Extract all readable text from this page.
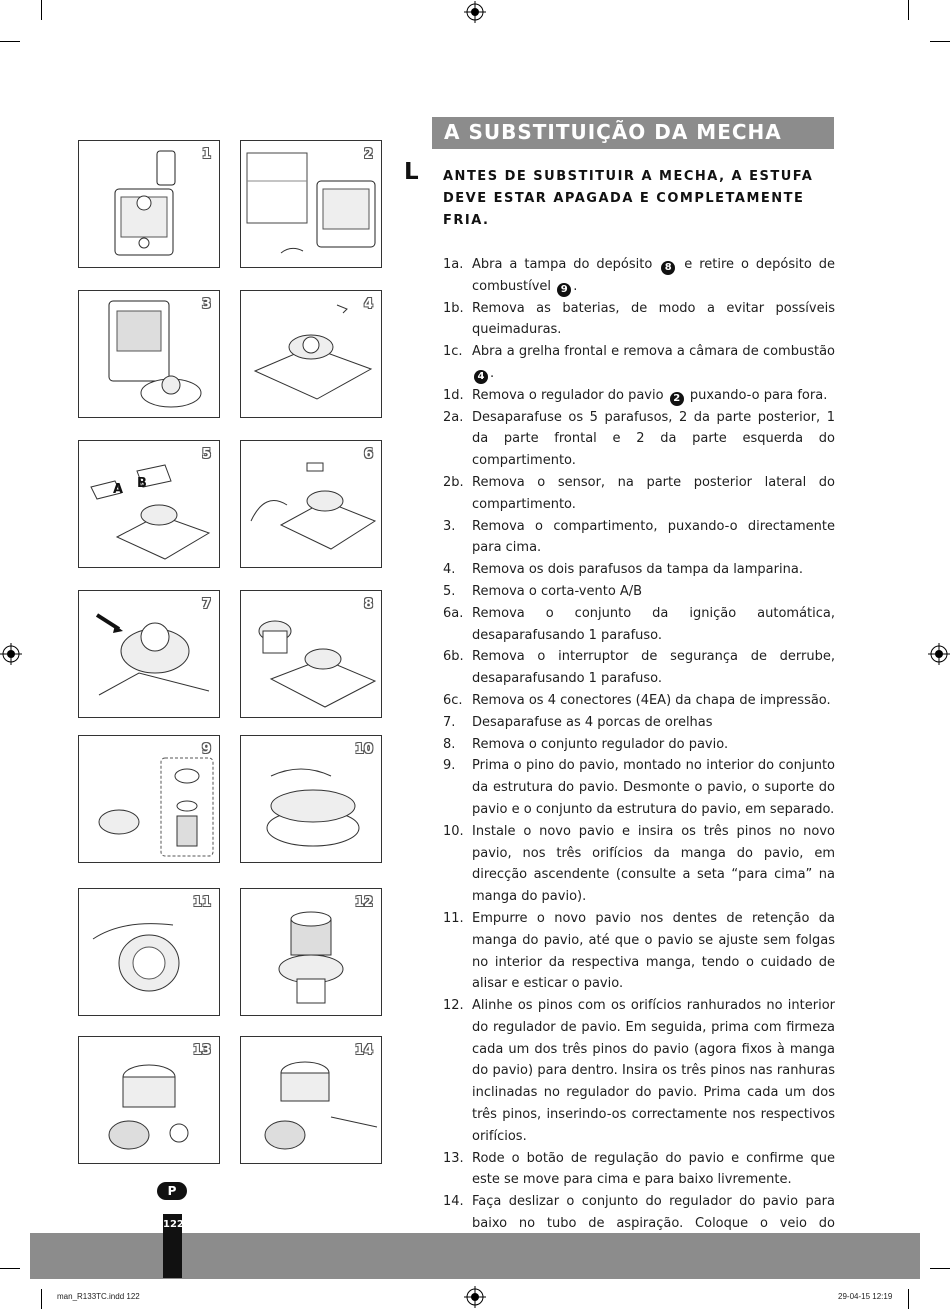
1	2
3	4
A B
5	6
7	8
9	10
11	12
13	14
A SUBSTITUIÇÃO DA MECHA
L ANTES DE SUBSTITUIR A MECHA, A ESTUFA DEVE ESTAR APAGADA E COMPLETAMENTE FRIA.
1a. Abra a tampa do depósito 8 e retire o depósito de combustível 9 .
1b. Remova as baterias, de modo a evitar possíveis queimaduras.
1c. Abra a grelha frontal e remova a câmara de combustão 4 .
1d. Remova o regulador do pavio 2 puxando-o para fora.
2a. Desaparafuse os 5 parafusos, 2 da parte posterior, 1 da parte frontal e 2 da parte esquerda do compartimento.
2b. Remova o sensor, na parte posterior lateral do compartimento.
3.	Remova o compartimento, puxando-o directamente para cima.
4.	Remova os dois parafusos da tampa da lamparina.
5.	Remova o corta-vento A/B
6a. Remova o conjunto da ignição automática, desaparafusando 1 parafuso.
6b. Remova o interruptor de segurança de derrube, desaparafusando 1 parafuso.
6c. Remova os 4 conectores (4EA) da chapa de impressão.
7.	Desaparafuse as 4 porcas de orelhas
8.	Remova o conjunto regulador do pavio.
9.	Prima o pino do pavio, montado no interior do conjunto da estrutura do pavio. Desmonte o pavio, o suporte do pavio e o conjunto da estrutura do pavio, em separado.
10. Instale o novo pavio e insira os três pinos no novo pavio, nos três orifícios da manga do pavio, em direcção ascendente (consulte a seta “para cima” na manga do pavio).
11. Empurre o novo pavio nos dentes de retenção da manga do pavio, até que o pavio se ajuste sem folgas no interior da respectiva manga, tendo o cuidado de alisar e esticar o pavio.
12. Alinhe os pinos com os orifícios ranhurados no interior do regulador de pavio. Em seguida, prima com firmeza cada um dos três pinos do pavio (agora fixos à manga do pavio) para dentro. Insira os três pinos nas ranhuras inclinadas no regulador do pavio. Prima cada um dos três pinos, inserindo-os correctamente nos respectivos orifícios.
13. Rode o botão de regulação do pavio e confirme que este se move para cima e para baixo livremente.
14. Faça deslizar o conjunto do regulador do pavio para baixo no tubo de aspiração. Coloque o veio do
P
122
man_R133TC.indd 122	29-04-15 12:19
